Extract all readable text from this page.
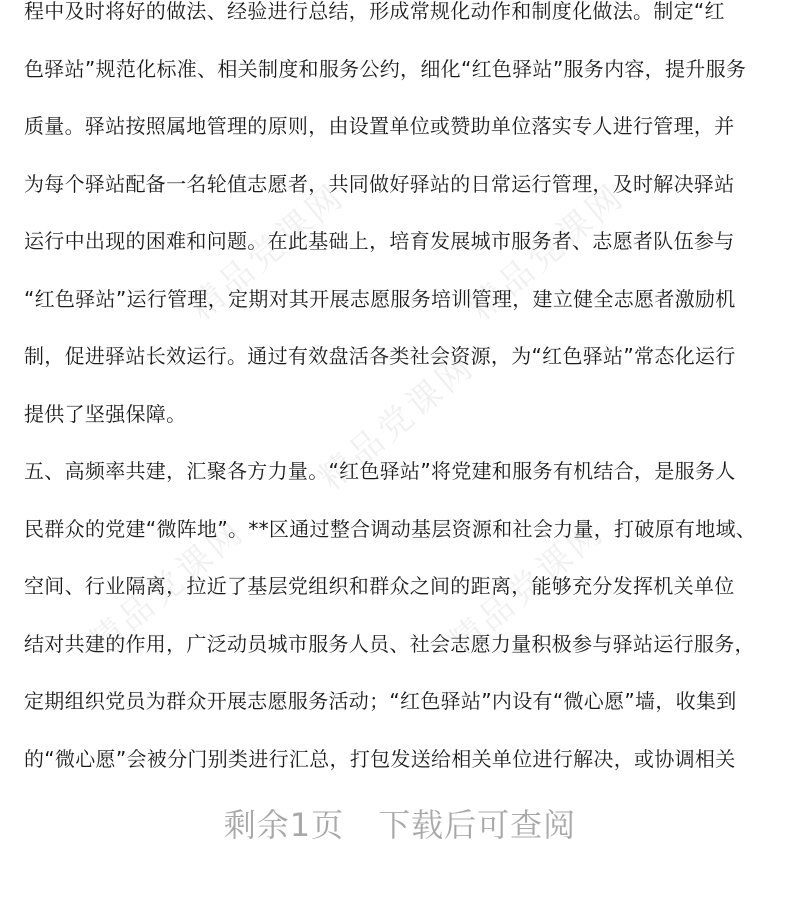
精品党课网	精品党课网
精品党课网
精品党课网	精品党课网
程中及时将好的做法、经验进行总结，形成常规化动作和制度化做法。制定“红
色驿站”规范化标准、相关制度和服务公约，细化“红色驿站”服务内容，提升服务
质量。驿站按照属地管理的原则，由设置单位或赞助单位落实专人进行管理，并
为每个驿站配备一名轮值志愿者，共同做好驿站的日常运行管理，及时解决驿站
运行中出现的困难和问题。在此基础上，培育发展城市服务者、志愿者队伍参与
“红色驿站”运行管理，定期对其开展志愿服务培训管理，建立健全志愿者激励机
制，促进驿站长效运行。通过有效盘活各类社会资源，为“红色驿站”常态化运行
提供了坚强保障。
五、高频率共建，汇聚各方力量。“红色驿站”将党建和服务有机结合，是服务人
民群众的党建“微阵地”。**区通过整合调动基层资源和社会力量，打破原有地域、
空间、行业隔离，拉近了基层党组织和群众之间的距离，能够充分发挥机关单位
结对共建的作用，广泛动员城市服务人员、社会志愿力量积极参与驿站运行服务，
定期组织党员为群众开展志愿服务活动；“红色驿站”内设有“微心愿”墙，收集到
的“微心愿”会被分门别类进行汇总，打包发送给相关单位进行解决，或协调相关
剩余1页 下载后可查阅
